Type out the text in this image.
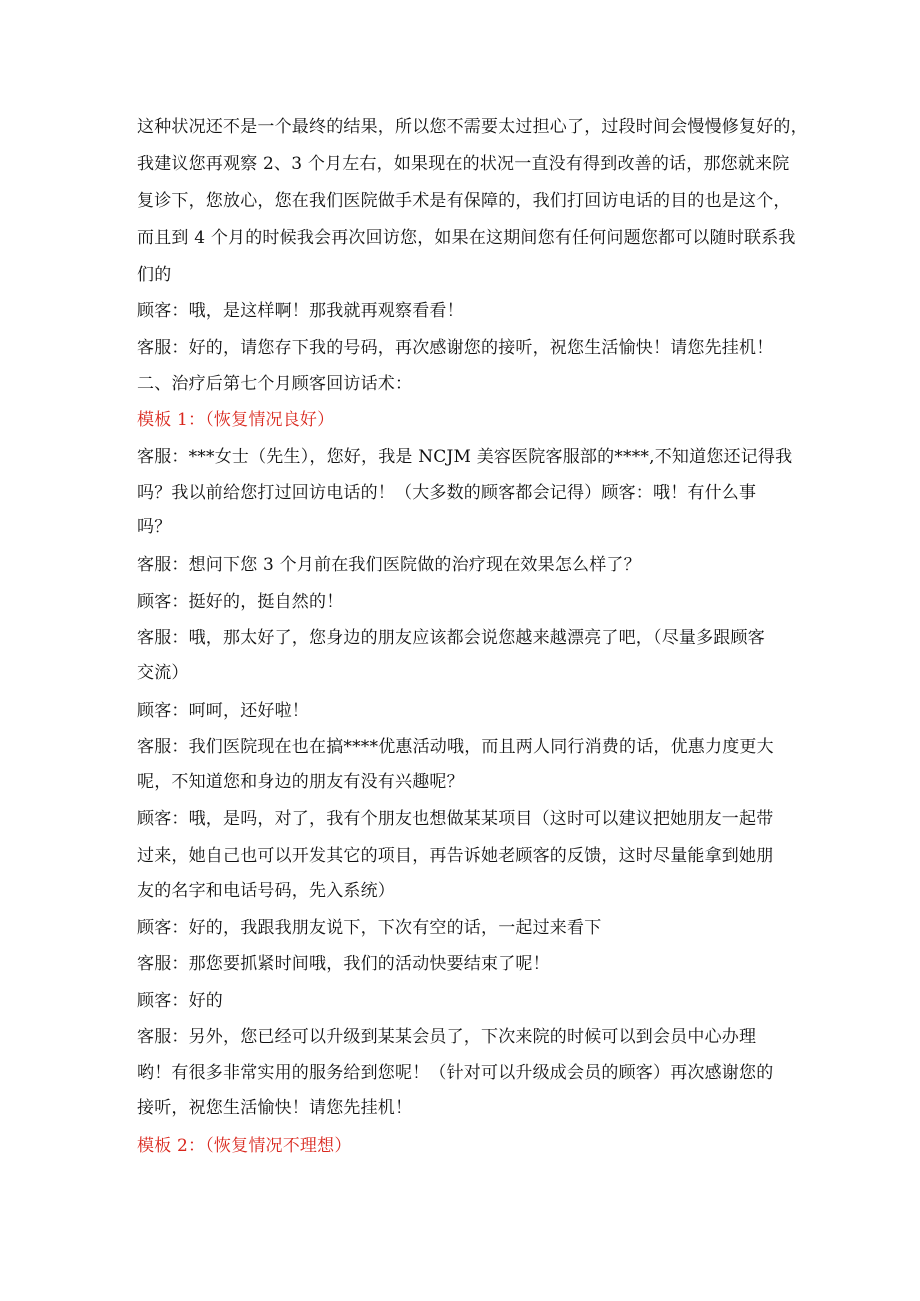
这种状况还不是一个最终的结果，所以您不需要太过担心了，过段时间会慢慢修复好的，
我建议您再观察 2、3 个月左右，如果现在的状况一直没有得到改善的话，那您就来院
复诊下，您放心，您在我们医院做手术是有保障的，我们打回访电话的目的也是这个，
而且到 4 个月的时候我会再次回访您，如果在这期间您有任何问题您都可以随时联系我
们的
顾客：哦，是这样啊！那我就再观察看看！
客服：好的，请您存下我的号码，再次感谢您的接听，祝您生活愉快！请您先挂机！
二、治疗后第七个月顾客回访话术：
模板 1：（恢复情况良好）
客服：***女士（先生），您好，我是 NCJM 美容医院客服部的****,不知道您还记得我
吗？我以前给您打过回访电话的！（大多数的顾客都会记得）顾客：哦！有什么事
吗？
客服：想问下您 3 个月前在我们医院做的治疗现在效果怎么样了？
顾客：挺好的，挺自然的！
客服：哦，那太好了，您身边的朋友应该都会说您越来越漂亮了吧，（尽量多跟顾客
交流）
顾客：呵呵，还好啦！
客服：我们医院现在也在搞****优惠活动哦，而且两人同行消费的话，优惠力度更大
呢，不知道您和身边的朋友有没有兴趣呢？
顾客：哦，是吗，对了，我有个朋友也想做某某项目（这时可以建议把她朋友一起带
过来，她自己也可以开发其它的项目，再告诉她老顾客的反馈，这时尽量能拿到她朋
友的名字和电话号码，先入系统）
顾客：好的，我跟我朋友说下，下次有空的话，一起过来看下
客服：那您要抓紧时间哦，我们的活动快要结束了呢！
顾客：好的
客服：另外，您已经可以升级到某某会员了，下次来院的时候可以到会员中心办理
哟！有很多非常实用的服务给到您呢！（针对可以升级成会员的顾客）再次感谢您的
接听，祝您生活愉快！请您先挂机！
模板 2：（恢复情况不理想）
